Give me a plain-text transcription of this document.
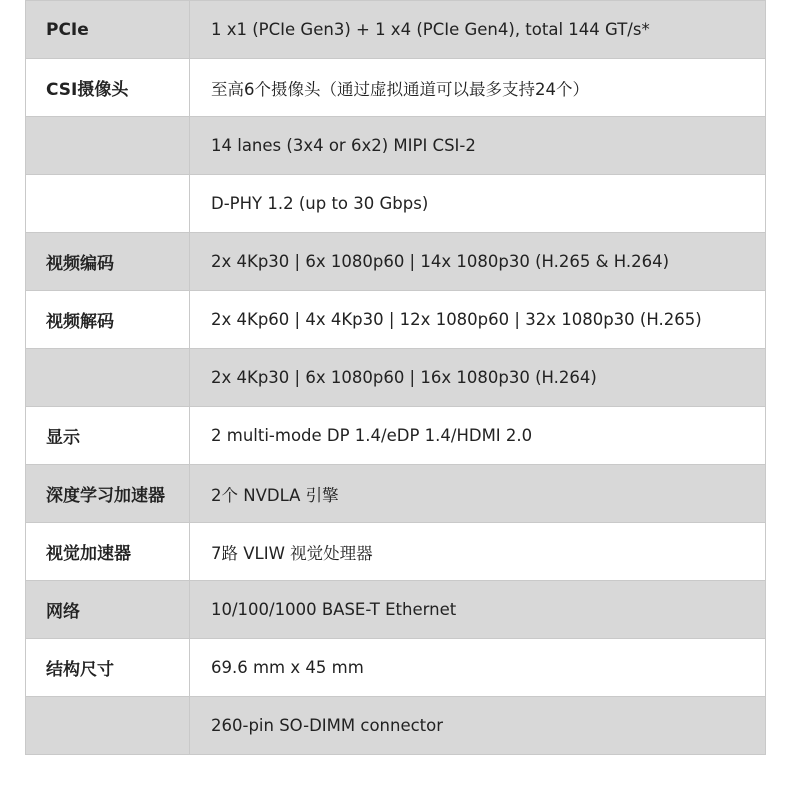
PCIe	1 x1 (PCIe Gen3) + 1 x4 (PCIe Gen4), total 144 GT/s*
CSI摄像头	至高6个摄像头（通过虚拟通道可以最多支持24个）
	14 lanes (3x4 or 6x2) MIPI CSI-2
	D-PHY 1.2 (up to 30 Gbps)
视频编码	2x 4Kp30 | 6x 1080p60 | 14x 1080p30 (H.265 & H.264)
视频解码	2x 4Kp60 | 4x 4Kp30 | 12x 1080p60 | 32x 1080p30 (H.265)
	2x 4Kp30 | 6x 1080p60 | 16x 1080p30 (H.264)
显示	2 multi-mode DP 1.4/eDP 1.4/HDMI 2.0
深度学习加速器	2个 NVDLA 引擎
视觉加速器	7路 VLIW 视觉处理器
网络	10/100/1000 BASE-T Ethernet
结构尺寸	69.6 mm x 45 mm
	260-pin SO-DIMM connector
